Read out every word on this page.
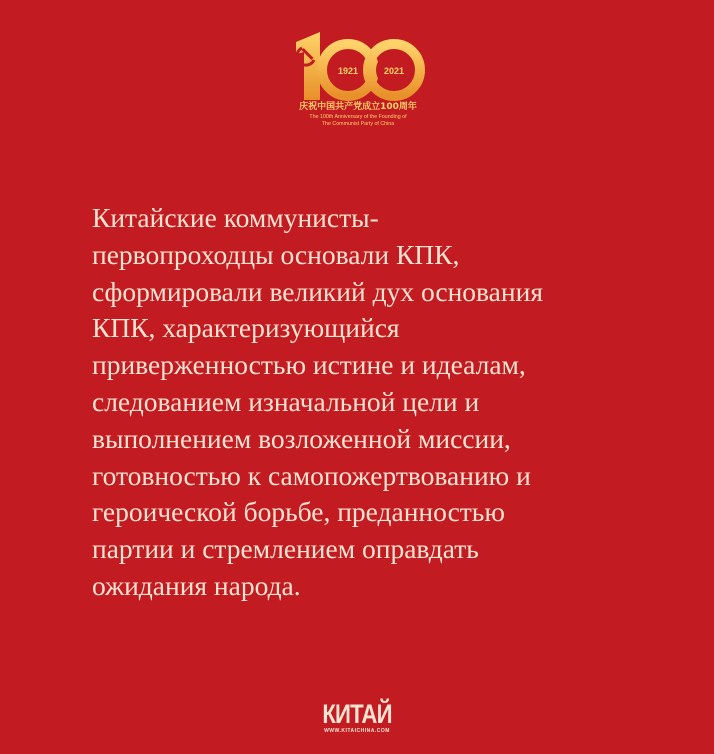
1921	2021
庆祝中国共产党成立100周年
The 100th Anniversary of the Founding of
The Communist Party of China

Китайские коммунисты-
первопроходцы основали КПК,
сформировали великий дух основания
КПК, характеризующийся
приверженностью истине и идеалам,
следованием изначальной цели и
выполнением возложенной миссии,
готовностью к самопожертвованию и
героической борьбе, преданностью
партии и стремлением оправдать
ожидания народа.

КИТАЙ
WWW.KITAICHINA.COM
